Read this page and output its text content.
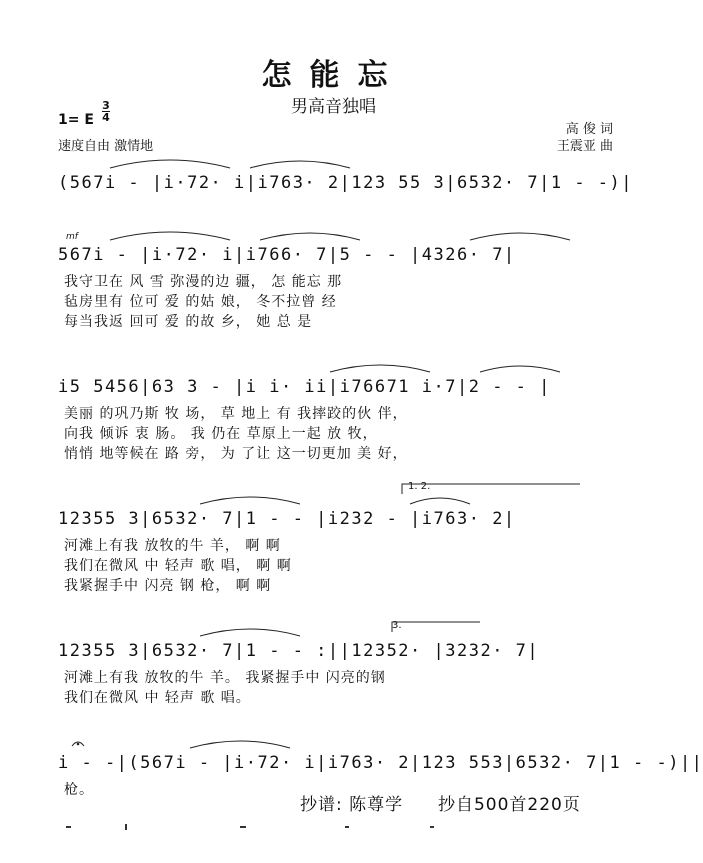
怎能忘
男高音独唱
1= E
3
4
速度自由 激情地
高 俊 词
王震亚 曲
(567i - |i·72· i|i763· 2|123 55 3|6532· 7|1 - -)|
mf
567i - |i·72· i|i766· 7|5 - - |4326· 7|
我守卫在 风 雪 弥漫的边 疆， 怎 能忘 那
毡房里有 位可 爱 的姑 娘， 冬不拉曾 经
每当我返 回可 爱 的故 乡， 她 总 是
i5 5456|63 3 - |i i· ii|i76671 i·7|2 - - |
美丽 的巩乃斯 牧 场， 草 地上 有 我摔跤的伙 伴，
向我 倾诉 衷 肠。 我 仍在 草原上一起 放 牧，
悄悄 地等候在 路 旁， 为 了让 这一切更加 美 好，
1. 2.
12355 3|6532· 7|1 - - |i232 - |i763· 2|
河滩上有我 放牧的牛 羊， 啊 啊
我们在微风 中 轻声 歌 唱， 啊 啊
我紧握手中 闪亮 钢 枪， 啊 啊
3.
12355 3|6532· 7|1 - - :||12352· |3232· 7|
河滩上有我 放牧的牛 羊。 我紧握手中 闪亮的钢
我们在微风 中 轻声 歌 唱。
i - -|(567i - |i·72· i|i763· 2|123 553|6532· 7|1 - -)||
枪。
抄谱: 陈尊学 抄自500首220页
